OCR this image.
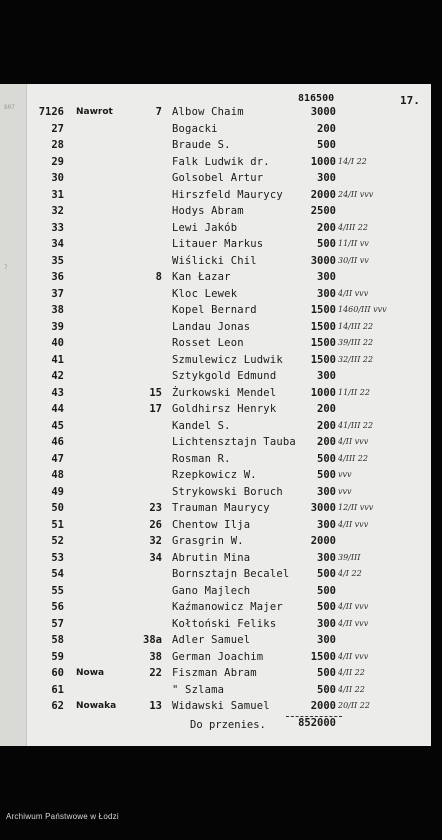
807
7
816500	17.
7126 Nawrot	7 Albow Chaim	3000
27	Bogacki	200
28	Braude S.	500
29	Falk Ludwik dr.	1000 14/I 22
30	Golsobel Artur	300
31	Hirszfeld Maurycy	2000 24/II vvv
32	Hodys Abram	2500
33	Lewi Jakób	200 4/III 22
34	Litauer Markus	500 11/II vv
35	Wiślicki Chil	3000 30/II vv
36	8 Kan Łazar	300
37	Kloc Lewek	300 4/II vvv
38	Kopel Bernard	1500 1460/III vvv
39	Landau Jonas	1500 14/III 22
40	Rosset Leon	1500 39/III 22
41	Szmulewicz Ludwik	1500 32/III 22
42	Sztykgold Edmund	300
43	15 Żurkowski Mendel	1000 11/II 22
44	17 Goldhirsz Henryk	200
45	Kandel S.	200 41/III 22
46	Lichtensztajn Tauba	200 4/II vvv
47	Rosman R.	500 4/III 22
48	Rzepkowicz W.	500 vvv
49	Strykowski Boruch	300 vvv
50	23 Trauman Maurycy	3000 12/II vvv
51	26 Chentow Ilja	300 4/II vvv
52	32 Grasgrin W.	2000
53	34 Abrutin Mina	300 39/III
54	Bornsztajn Becalel	500 4/I 22
55	Gano Majlech	500
56	Kaźmanowicz Majer	500 4/II vvv
57	Kołtoński Feliks	300 4/II vvv
58	38a Adler Samuel	300
59	38 German Joachim	1500 4/II vvv
60 Nowa	22 Fiszman Abram	500 4/II 22
61	" Szlama	500 4/II 22
62 Nowaka	13 Widawski Samuel	2000 20/II 22
Do przenies.	852000
Archiwum Państwowe w Łodzi
